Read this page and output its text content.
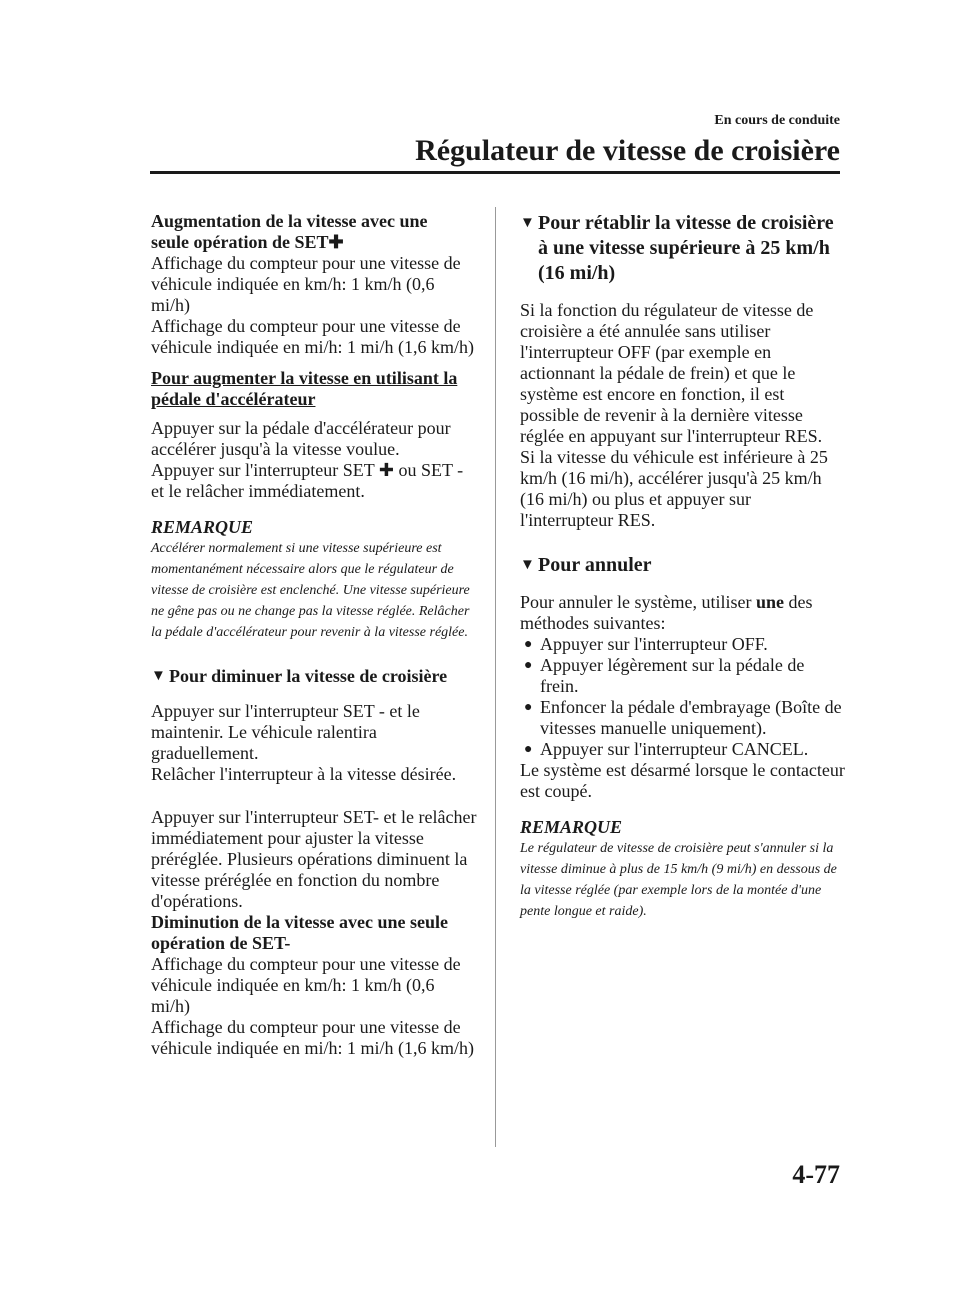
En cours de conduite
Régulateur de vitesse de croisière

Augmentation de la vitesse avec une
seule opération de SET✚

Affichage du compteur pour une vitesse de véhicule indiquée en km/h: 1 km/h (0,6 mi/h)

Affichage du compteur pour une vitesse de véhicule indiquée en mi/h: 1 mi/h (1,6 km/h)

Pour augmenter la vitesse en utilisant la pédale d'accélérateur

Appuyer sur la pédale d'accélérateur pour accélérer jusqu'à la vitesse voulue.

Appuyer sur l'interrupteur SET ✚ ou SET - et le relâcher immédiatement.

REMARQUE

Accélérer normalement si une vitesse supérieure est momentanément nécessaire alors que le régulateur de vitesse de croisière est enclenché. Une vitesse supérieure ne gêne pas ou ne change pas la vitesse réglée. Relâcher la pédale d'accélérateur pour revenir à la vitesse réglée.

▼ Pour diminuer la vitesse de croisière

Appuyer sur l'interrupteur SET - et le maintenir. Le véhicule ralentira graduellement.

Relâcher l'interrupteur à la vitesse désirée.

Appuyer sur l'interrupteur SET- et le relâcher immédiatement pour ajuster la vitesse préréglée. Plusieurs opérations diminuent la vitesse préréglée en fonction du nombre d'opérations.

Diminution de la vitesse avec une seule opération de SET-

Affichage du compteur pour une vitesse de véhicule indiquée en km/h: 1 km/h (0,6 mi/h)

Affichage du compteur pour une vitesse de véhicule indiquée en mi/h: 1 mi/h (1,6 km/h)

▼ Pour rétablir la vitesse de croisière à une vitesse supérieure à 25 km/h (16 mi/h)

Si la fonction du régulateur de vitesse de croisière a été annulée sans utiliser l'interrupteur OFF (par exemple en actionnant la pédale de frein) et que le système est encore en fonction, il est possible de revenir à la dernière vitesse réglée en appuyant sur l'interrupteur RES.

Si la vitesse du véhicule est inférieure à 25 km/h (16 mi/h), accélérer jusqu'à 25 km/h (16 mi/h) ou plus et appuyer sur l'interrupteur RES.

▼ Pour annuler

Pour annuler le système, utiliser une des méthodes suivantes:

● Appuyer sur l'interrupteur OFF.
● Appuyer légèrement sur la pédale de frein.
● Enfoncer la pédale d'embrayage (Boîte de vitesses manuelle uniquement).
● Appuyer sur l'interrupteur CANCEL.

Le système est désarmé lorsque le contacteur est coupé.

REMARQUE

Le régulateur de vitesse de croisière peut s'annuler si la vitesse diminue à plus de 15 km/h (9 mi/h) en dessous de la vitesse réglée (par exemple lors de la montée d'une pente longue et raide).

4-77
